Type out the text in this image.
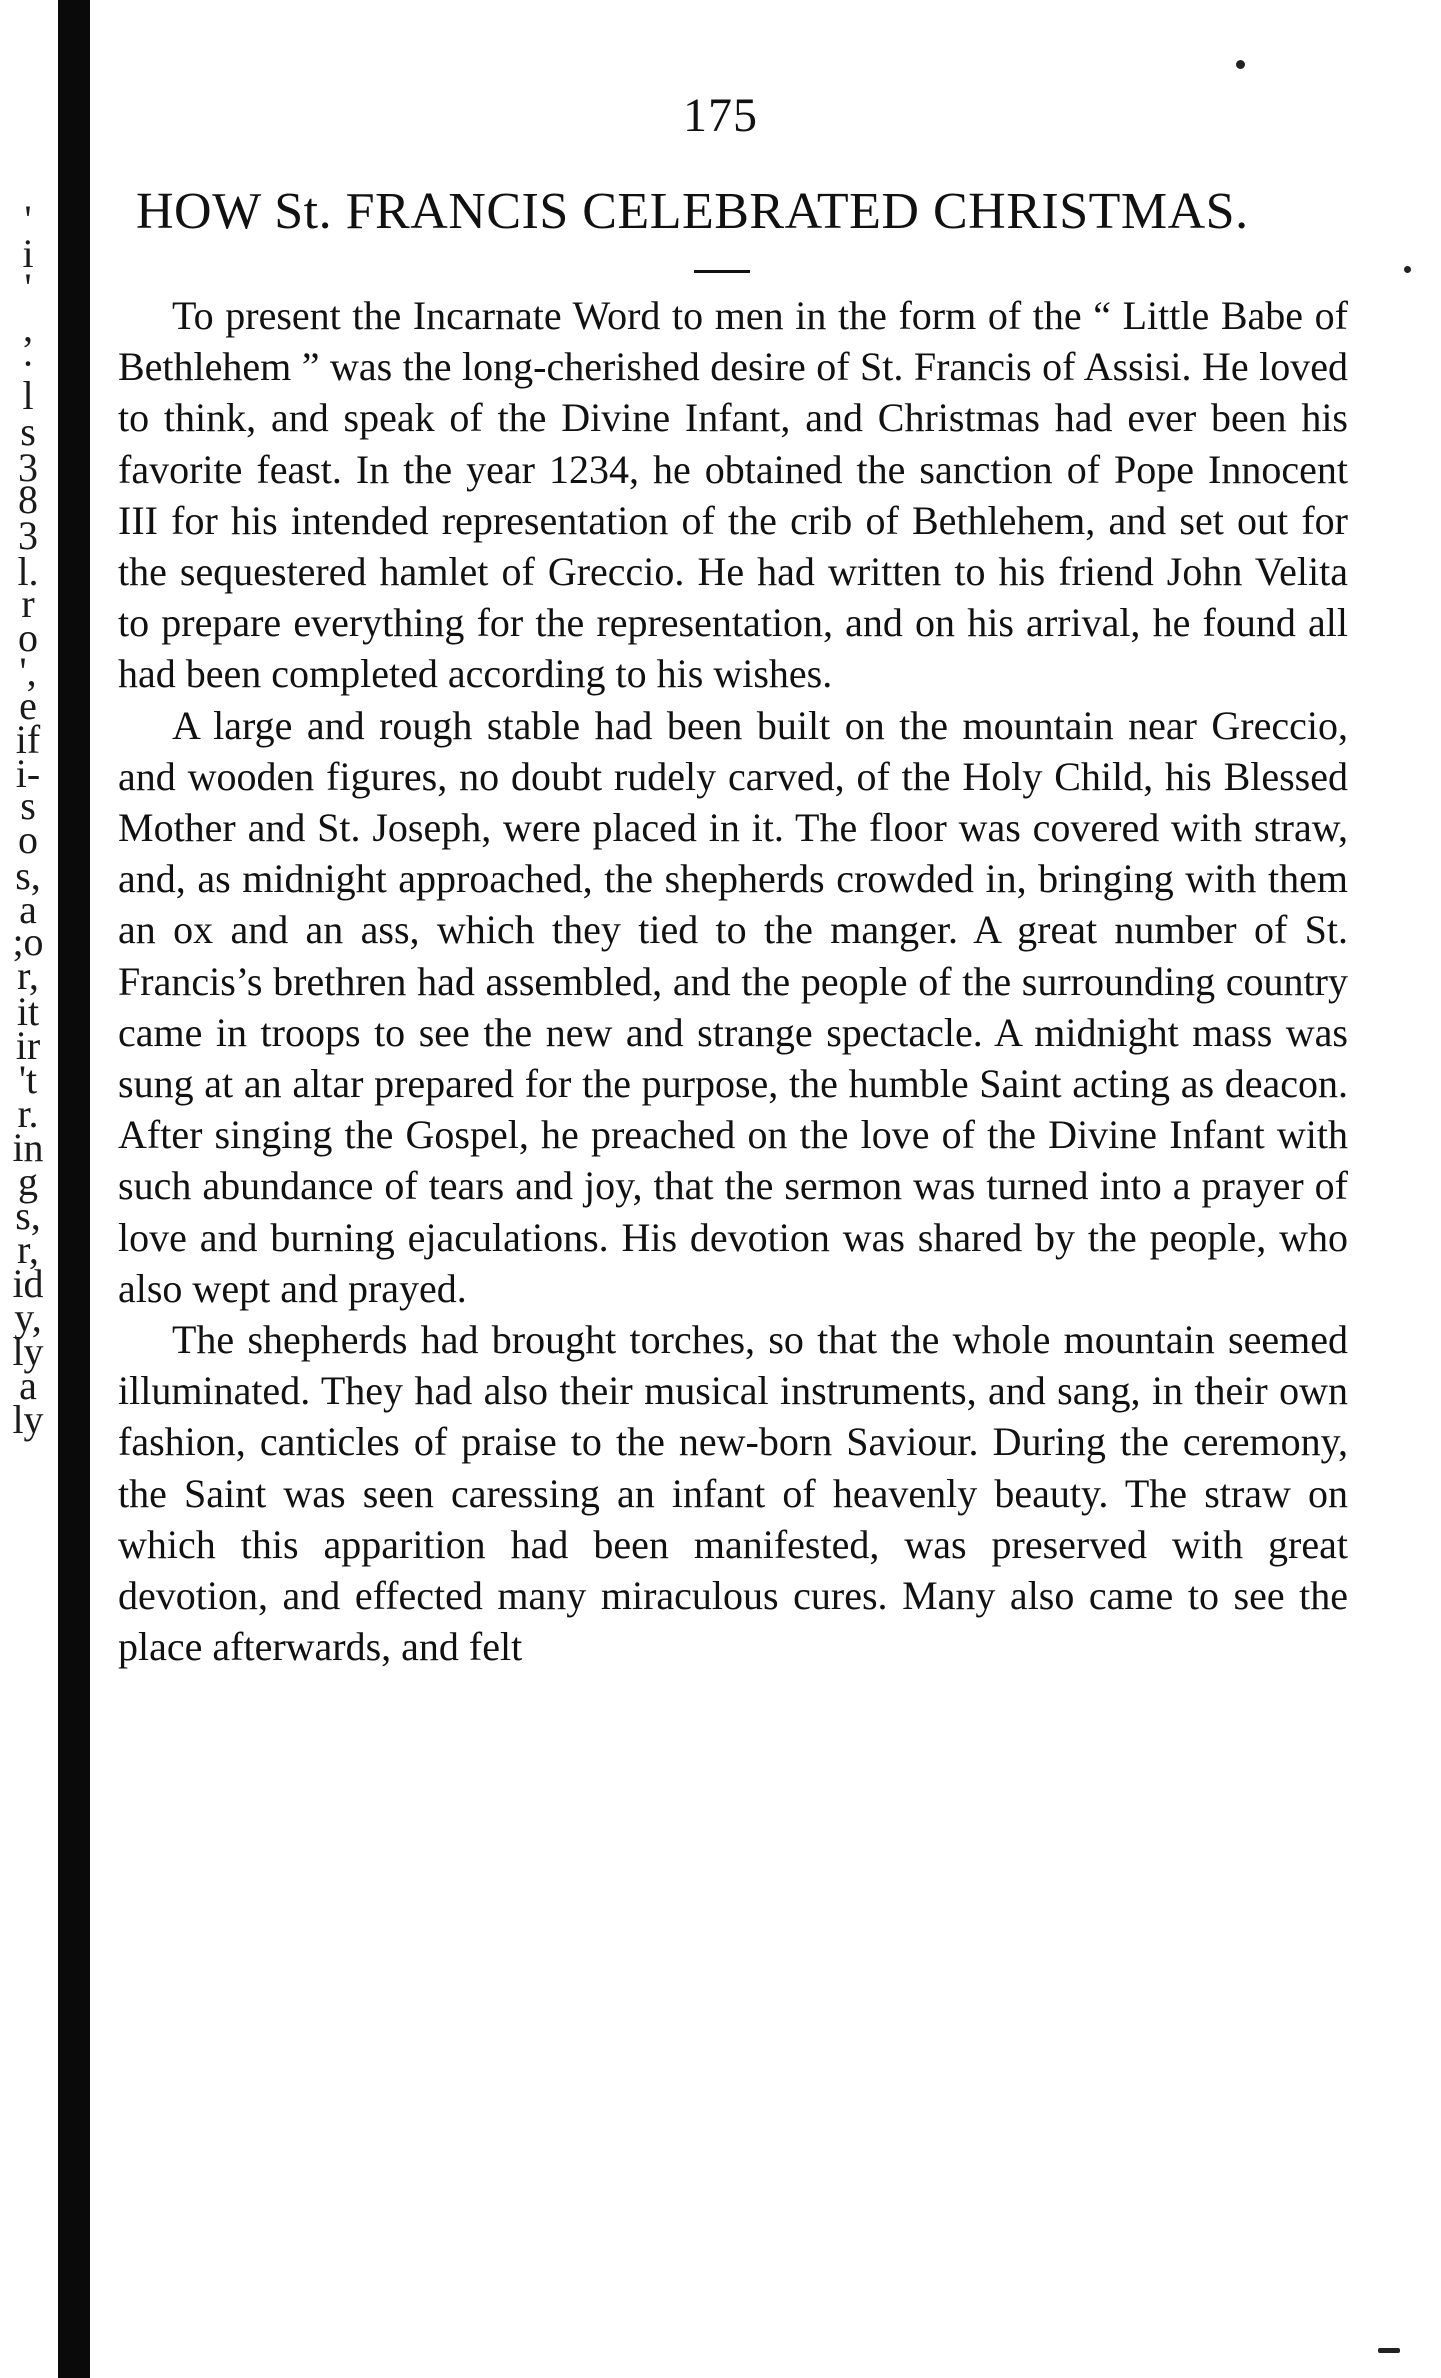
'
i
'
,
·
l
s
3
8
3
l.
r
o
',
e
if
i-
s
o
s,
a
;o
r,
it
ir
't
r.
in
g
s,
r,
id
y,
ly
a
ly
175
HOW St. FRANCIS CELEBRATED CHRISTMAS.

To present the Incarnate Word to men in the form of the “ Little Babe of Bethlehem ” was the long-cherished desire of St. Francis of Assisi. He loved to think, and speak of the Divine Infant, and Christmas had ever been his favorite feast. In the year 1234, he obtained the sanction of Pope Innocent III for his intended representation of the crib of Bethlehem, and set out for the sequestered hamlet of Greccio. He had written to his friend John Velita to prepare everything for the representation, and on his arrival, he found all had been completed according to his wishes.

A large and rough stable had been built on the mountain near Greccio, and wooden figures, no doubt rudely carved, of the Holy Child, his Blessed Mother and St. Joseph, were placed in it. The floor was covered with straw, and, as midnight approached, the shepherds crowded in, bringing with them an ox and an ass, which they tied to the manger. A great number of St. Francis’s brethren had assembled, and the people of the surrounding country came in troops to see the new and strange spectacle. A midnight mass was sung at an altar prepared for the purpose, the humble Saint acting as deacon. After singing the Gospel, he preached on the love of the Divine Infant with such abundance of tears and joy, that the sermon was turned into a prayer of love and burning ejaculations. His devotion was shared by the people, who also wept and prayed.

The shepherds had brought torches, so that the whole mountain seemed illuminated. They had also their musical instruments, and sang, in their own fashion, canticles of praise to the new-born Saviour. During the ceremony, the Saint was seen caressing an infant of heavenly beauty. The straw on which this apparition had been manifested, was preserved with great devotion, and effected many miraculous cures. Many also came to see the place afterwards, and felt
